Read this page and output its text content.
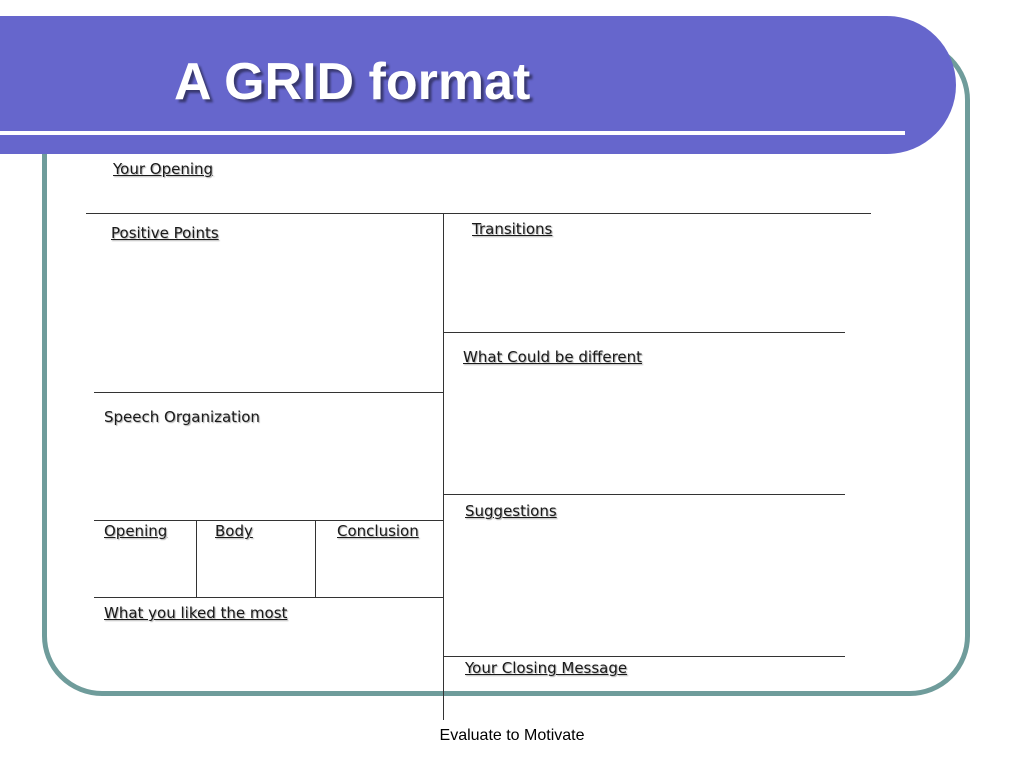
A GRID format
Your Opening
Positive Points	Transitions
What Could be different
Speech Organization
Suggestions
Opening	Body	Conclusion
What you liked the most
Your Closing Message
Evaluate to Motivate
